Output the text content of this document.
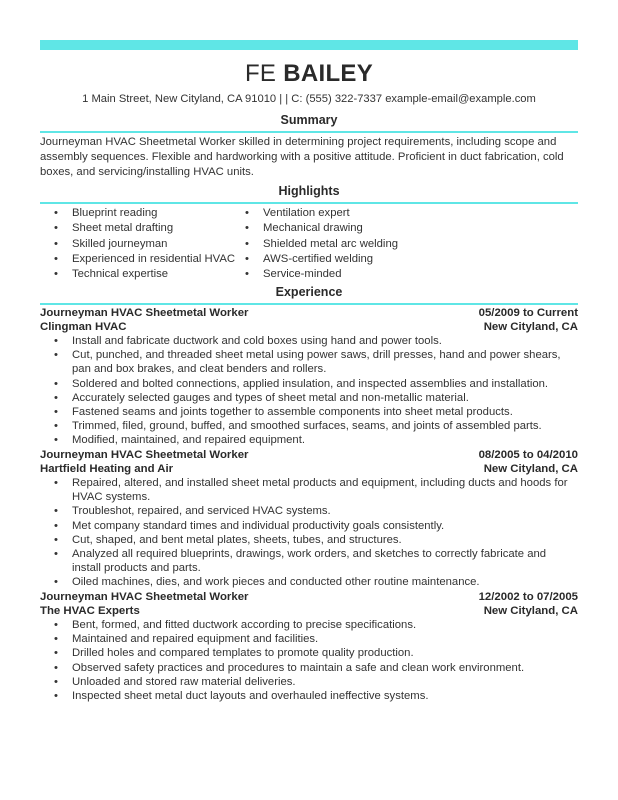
FE BAILEY
1 Main Street, New Cityland, CA 91010 | | C: (555) 322-7337 example-email@example.com
Summary
Journeyman HVAC Sheetmetal Worker skilled in determining project requirements, including scope and assembly sequences. Flexible and hardworking with a positive attitude. Proficient in duct fabrication, cold boxes, and servicing/installing HVAC units.
Highlights
• Blueprint reading
• Sheet metal drafting
• Skilled journeyman
• Experienced in residential HVAC
• Technical expertise
• Ventilation expert
• Mechanical drawing
• Shielded metal arc welding
• AWS-certified welding
• Service-minded
Experience
Journeyman HVAC Sheetmetal Worker	05/2009 to Current
Clingman HVAC	New Cityland, CA
• Install and fabricate ductwork and cold boxes using hand and power tools.
• Cut, punched, and threaded sheet metal using power saws, drill presses, hand and power shears, pan and box brakes, and cleat benders and rollers.
• Soldered and bolted connections, applied insulation, and inspected assemblies and installation.
• Accurately selected gauges and types of sheet metal and non-metallic material.
• Fastened seams and joints together to assemble components into sheet metal products.
• Trimmed, filed, ground, buffed, and smoothed surfaces, seams, and joints of assembled parts.
• Modified, maintained, and repaired equipment.
Journeyman HVAC Sheetmetal Worker	08/2005 to 04/2010
Hartfield Heating and Air	New Cityland, CA
• Repaired, altered, and installed sheet metal products and equipment, including ducts and hoods for HVAC systems.
• Troubleshot, repaired, and serviced HVAC systems.
• Met company standard times and individual productivity goals consistently.
• Cut, shaped, and bent metal plates, sheets, tubes, and structures.
• Analyzed all required blueprints, drawings, work orders, and sketches to correctly fabricate and install products and parts.
• Oiled machines, dies, and work pieces and conducted other routine maintenance.
Journeyman HVAC Sheetmetal Worker	12/2002 to 07/2005
The HVAC Experts	New Cityland, CA
• Bent, formed, and fitted ductwork according to precise specifications.
• Maintained and repaired equipment and facilities.
• Drilled holes and compared templates to promote quality production.
• Observed safety practices and procedures to maintain a safe and clean work environment.
• Unloaded and stored raw material deliveries.
• Inspected sheet metal duct layouts and overhauled ineffective systems.
